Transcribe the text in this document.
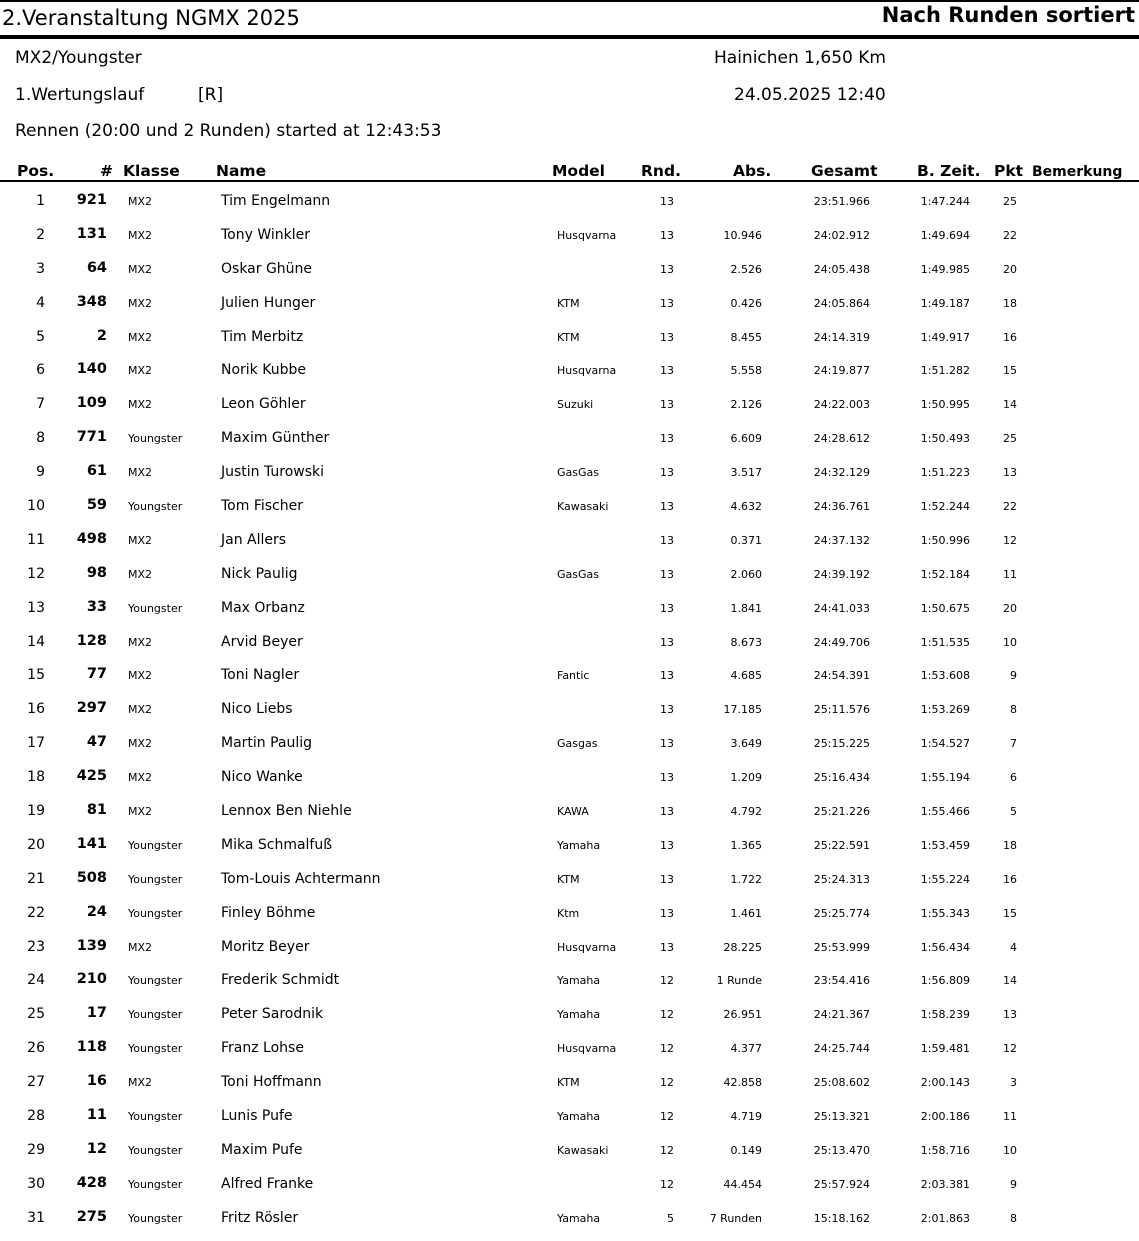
2.Veranstaltung NGMX 2025	Nach Runden sortiert
MX2/Youngster	Hainichen 1,650 Km
1.Wertungslauf	[R]	24.05.2025 12:40
Rennen (20:00 und 2 Runden) started at 12:43:53
Pos.	# Klasse Name	Model Rnd.	Abs.	Gesamt	B. Zeit. Pkt Bemerkung
1	921 MX2	Tim Engelmann	13	23:51.966	1:47.244	25
2	131 MX2	Tony Winkler	Husqvarna	13	10.946	24:02.912	1:49.694	22
3	64 MX2	Oskar Ghüne	13	2.526	24:05.438	1:49.985	20
4	348 MX2	Julien Hunger	KTM	13	0.426	24:05.864	1:49.187	18
5	2 MX2	Tim Merbitz	KTM	13	8.455	24:14.319	1:49.917	16
6	140 MX2	Norik Kubbe	Husqvarna	13	5.558	24:19.877	1:51.282	15
7	109 MX2	Leon Göhler	Suzuki	13	2.126	24:22.003	1:50.995	14
8	771 Youngster	Maxim Günther	13	6.609	24:28.612	1:50.493	25
9	61 MX2	Justin Turowski	GasGas	13	3.517	24:32.129	1:51.223	13
10	59 Youngster	Tom Fischer	Kawasaki	13	4.632	24:36.761	1:52.244	22
11	498 MX2	Jan Allers	13	0.371	24:37.132	1:50.996	12
12	98 MX2	Nick Paulig	GasGas	13	2.060	24:39.192	1:52.184	11
13	33 Youngster	Max Orbanz	13	1.841	24:41.033	1:50.675	20
14	128 MX2	Arvid Beyer	13	8.673	24:49.706	1:51.535	10
15	77 MX2	Toni Nagler	Fantic	13	4.685	24:54.391	1:53.608	9
16	297 MX2	Nico Liebs	13	17.185	25:11.576	1:53.269	8
17	47 MX2	Martin Paulig	Gasgas	13	3.649	25:15.225	1:54.527	7
18	425 MX2	Nico Wanke	13	1.209	25:16.434	1:55.194	6
19	81 MX2	Lennox Ben Niehle	KAWA	13	4.792	25:21.226	1:55.466	5
20	141 Youngster	Mika Schmalfuß	Yamaha	13	1.365	25:22.591	1:53.459	18
21	508 Youngster	Tom-Louis Achtermann	KTM	13	1.722	25:24.313	1:55.224	16
22	24 Youngster	Finley Böhme	Ktm	13	1.461	25:25.774	1:55.343	15
23	139 MX2	Moritz Beyer	Husqvarna	13	28.225	25:53.999	1:56.434	4
24	210 Youngster	Frederik Schmidt	Yamaha	12	1 Runde	23:54.416	1:56.809	14
25	17 Youngster	Peter Sarodnik	Yamaha	12	26.951	24:21.367	1:58.239	13
26	118 Youngster	Franz Lohse	Husqvarna	12	4.377	24:25.744	1:59.481	12
27	16 MX2	Toni Hoffmann	KTM	12	42.858	25:08.602	2:00.143	3
28	11 Youngster	Lunis Pufe	Yamaha	12	4.719	25:13.321	2:00.186	11
29	12 Youngster	Maxim Pufe	Kawasaki	12	0.149	25:13.470	1:58.716	10
30	428 Youngster	Alfred Franke	12	44.454	25:57.924	2:03.381	9
31	275 Youngster	Fritz Rösler	Yamaha	5	7 Runden	15:18.162	2:01.863	8
